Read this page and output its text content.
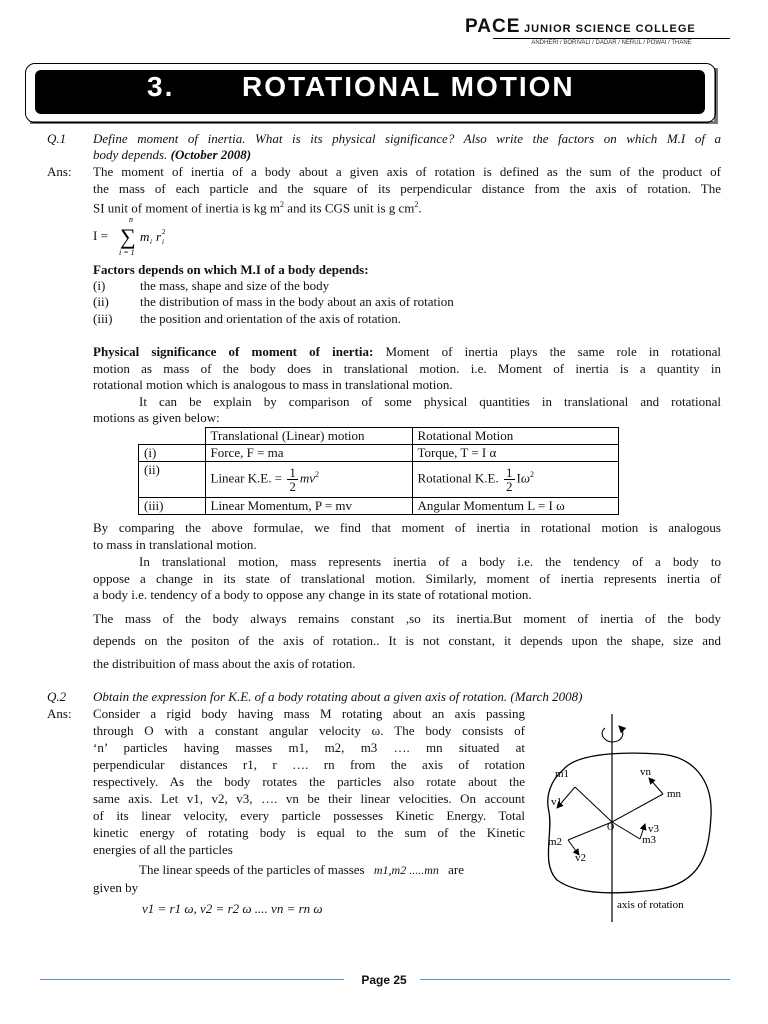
PACE JUNIOR SCIENCE COLLEGE
ANDHERI / BORIVALI / DADAR / NERUL / POWAI / THANE
3. ROTATIONAL MOTION
Q.1 Define moment of inertia. What is its physical significance? Also write the factors on which M.I of a
body depends. (October 2008)
Ans: The moment of inertia of a body about a given axis of rotation is defined as the sum of the product of
the mass of each particle and the square of its perpendicular distance from the axis of rotation. The
SI unit of moment of inertia is kg $m^2$ and its CGS unit is g $cm^2$.
I =
n
∑
i = 1
m i r i
2
Factors depends on which M.I of a body depends:
(i)	the mass, shape and size of the body
(ii) the distribution of mass in the body about an axis of rotation
(iii) the position and orientation of the axis of rotation.
Physical significance of moment of inertia: Moment of inertia plays the same role in rotational
motion as mass of the body does in translational motion. i.e. Moment of inertia is a quantity in
rotational motion which is analogous to mass in translational motion.
It can be explain by comparison of some physical quantities in translational and rotational
motions as given below:
	Translational (Linear) motion	Rotational Motion
(i)	Force, F = ma	Torque, T = I α
(ii)	Linear K.E. = $\frac{1}{2} mv^2$	Rotational K.E. $\frac{1}{2} I\omega^2$
(iii)	Linear Momentum, P = mv	Angular Momentum L = I ω
By comparing the above formulae, we find that moment of inertia in rotational motion is analogous
to mass in translational motion.
In translational motion, mass represents inertia of a body i.e. the tendency of a body to
oppose a change in its state of translational motion. Similarly, moment of inertia represents inertia of
a body i.e. tendency of a body to oppose any change in its state of rotational motion.
The mass of the body always remains constant ,so its inertia.But moment of inertia of the body
depends on the positon of the axis of rotation.. It is not constant, it depends upon the shape, size and
the distribuition of mass about the axis of rotation.
Q.2 Obtain the expression for K.E. of a body rotating about a given axis of rotation. (March 2008)
Ans: Consider a rigid body having mass M rotating about an axis passing
through O with a constant angular velocity ω. The body consists of
‘n’ particles having masses m1, m2, m3 …. mn situated at
perpendicular distances r1, r …. rn from the axis of rotation
respectively. As the body rotates the particles also rotate about the
same axis. Let v1, v2, v3, …. vn be their linear velocities. On account
of its linear velocity, every particle possesses Kinetic Energy. Total
kinetic energy of rotating body is equal to the sum of the Kinetic
energies of all the particles
The linear speeds of the particles of masses m1,m2 .....mn are
given by
v1 = r1 ω, v2 = r2 ω .... vn = rn ω
m1	vn
mn
v1
O	v3
m3
m2
v2
axis of rotation
Page 25
